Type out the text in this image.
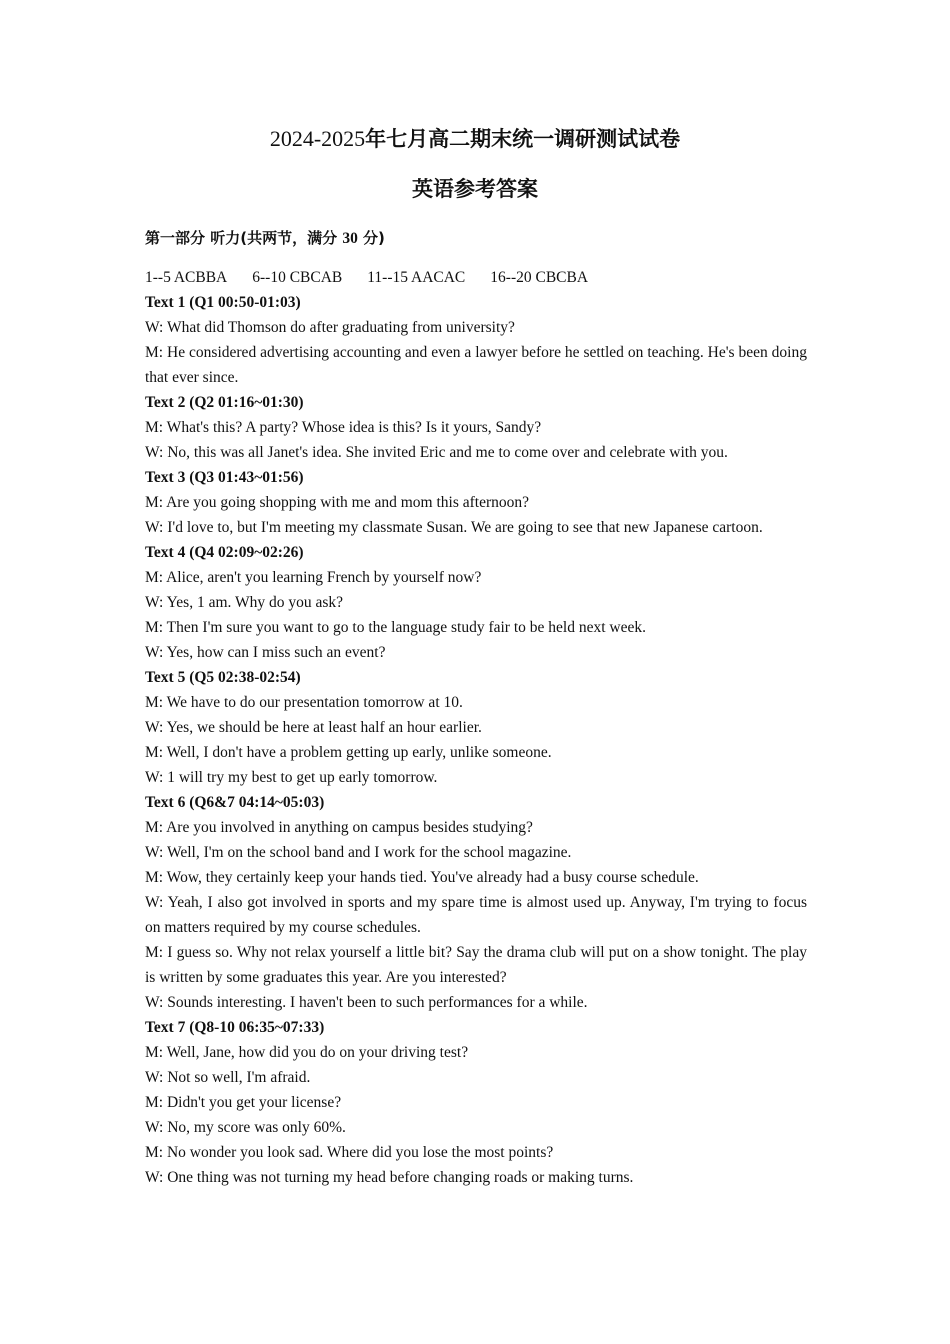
2024-2025年七月高二期末统一调研测试试卷
英语参考答案
第一部分 听力(共两节，满分 30 分)
1--5 ACBBA 6--10 CBCAB 11--15 AACAC 16--20 CBCBA
Text 1 (Q1 00:50-01:03)
W: What did Thomson do after graduating from university?
M: He considered advertising accounting and even a lawyer before he settled on teaching. He's been doing that ever since.
Text 2 (Q2 01:16~01:30)
M: What's this? A party? Whose idea is this? Is it yours, Sandy?
W: No, this was all Janet's idea. She invited Eric and me to come over and celebrate with you.
Text 3 (Q3 01:43~01:56)
M: Are you going shopping with me and mom this afternoon?
W: I'd love to, but I'm meeting my classmate Susan. We are going to see that new Japanese cartoon.
Text 4 (Q4 02:09~02:26)
M: Alice, aren't you learning French by yourself now?
W: Yes, 1 am. Why do you ask?
M: Then I'm sure you want to go to the language study fair to be held next week.
W: Yes, how can I miss such an event?
Text 5 (Q5 02:38-02:54)
M: We have to do our presentation tomorrow at 10.
W: Yes, we should be here at least half an hour earlier.
M: Well, I don't have a problem getting up early, unlike someone.
W: 1 will try my best to get up early tomorrow.
Text 6 (Q6&7 04:14~05:03)
M: Are you involved in anything on campus besides studying?
W: Well, I'm on the school band and I work for the school magazine.
M: Wow, they certainly keep your hands tied. You've already had a busy course schedule.
W: Yeah, I also got involved in sports and my spare time is almost used up. Anyway, I'm trying to focus on matters required by my course schedules.
M: I guess so. Why not relax yourself a little bit? Say the drama club will put on a show tonight. The play is written by some graduates this year. Are you interested?
W: Sounds interesting. I haven't been to such performances for a while.
Text 7 (Q8-10 06:35~07:33)
M: Well, Jane, how did you do on your driving test?
W: Not so well, I'm afraid.
M: Didn't you get your license?
W: No, my score was only 60%.
M: No wonder you look sad. Where did you lose the most points?
W: One thing was not turning my head before changing roads or making turns.
